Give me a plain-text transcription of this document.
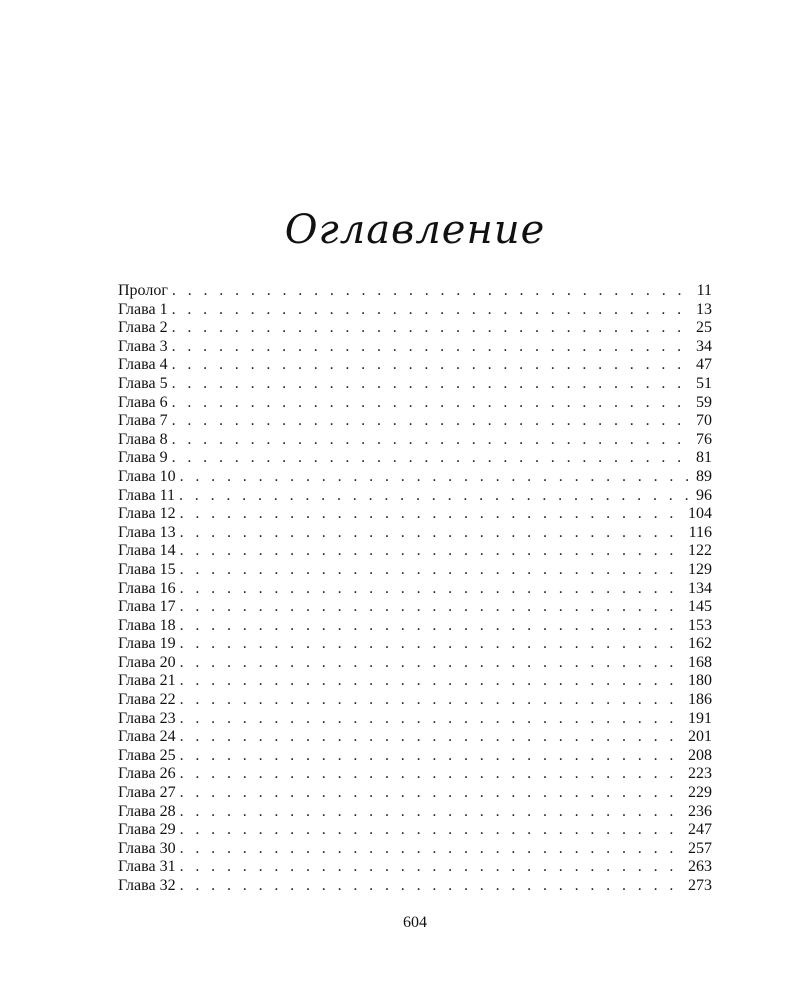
Оглавление
Пролог . . .	11
Глава 1 . . .	13
Глава 2 . . .	25
Глава 3 . . .	34
Глава 4 . . .	47
Глава 5 . . .	51
Глава 6 . . .	59
Глава 7 . . .	70
Глава 8 . . .	76
Глава 9 . . .	81
Глава 10 . . .	89
Глава 11 . . .	96
Глава 12 . . .	104
Глава 13 . . .	116
Глава 14 . . .	122
Глава 15 . . .	129
Глава 16 . . .	134
Глава 17 . . .	145
Глава 18 . . .	153
Глава 19 . . .	162
Глава 20 . . .	168
Глава 21 . . .	180
Глава 22 . . .	186
Глава 23 . . .	191
Глава 24 . . .	201
Глава 25 . . .	208
Глава 26 . . .	223
Глава 27 . . .	229
Глава 28 . . .	236
Глава 29 . . .	247
Глава 30 . . .	257
Глава 31 . . .	263
Глава 32 . . .	273
604
